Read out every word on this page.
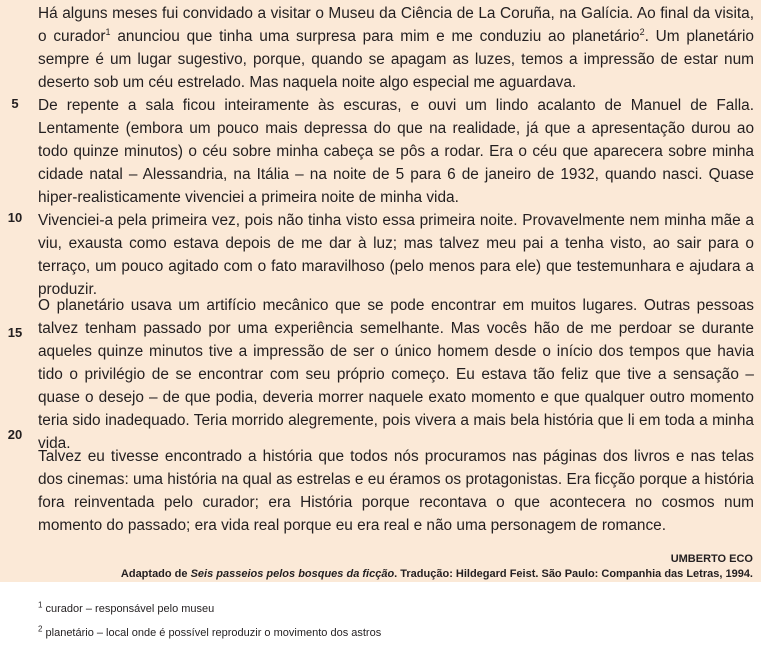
5
10
15
20

Há alguns meses fui convidado a visitar o Museu da Ciência de La Coruña, na Galícia. Ao final da visita, o curador$^1$ anunciou que tinha uma surpresa para mim e me conduziu ao planetário$^2$. Um planetário sempre é um lugar sugestivo, porque, quando se apagam as luzes, temos a impressão de estar num deserto sob um céu estrelado. Mas naquela noite algo especial me aguardava.

De repente a sala ficou inteiramente às escuras, e ouvi um lindo acalanto de Manuel de Falla. Lentamente (embora um pouco mais depressa do que na realidade, já que a apresentação durou ao todo quinze minutos) o céu sobre minha cabeça se pôs a rodar. Era o céu que aparecera sobre minha cidade natal – Alessandria, na Itália – na noite de 5 para 6 de janeiro de 1932, quando nasci. Quase hiper-realisticamente vivenciei a primeira noite de minha vida.

Vivenciei-a pela primeira vez, pois não tinha visto essa primeira noite. Provavelmente nem minha mãe a viu, exausta como estava depois de me dar à luz; mas talvez meu pai a tenha visto, ao sair para o terraço, um pouco agitado com o fato maravilhoso (pelo menos para ele) que testemunhara e ajudara a produzir.

O planetário usava um artifício mecânico que se pode encontrar em muitos lugares. Outras pessoas talvez tenham passado por uma experiência semelhante. Mas vocês hão de me perdoar se durante aqueles quinze minutos tive a impressão de ser o único homem desde o início dos tempos que havia tido o privilégio de se encontrar com seu próprio começo. Eu estava tão feliz que tive a sensação – quase o desejo – de que podia, deveria morrer naquele exato momento e que qualquer outro momento teria sido inadequado. Teria morrido alegremente, pois vivera a mais bela história que li em toda a minha vida.

Talvez eu tivesse encontrado a história que todos nós procuramos nas páginas dos livros e nas telas dos cinemas: uma história na qual as estrelas e eu éramos os protagonistas. Era ficção porque a história fora reinventada pelo curador; era História porque recontava o que acontecera no cosmos num momento do passado; era vida real porque eu era real e não uma personagem de romance.

UMBERTO ECO
Adaptado de Seis passeios pelos bosques da ficção. Tradução: Hildegard Feist. São Paulo: Companhia das Letras, 1994.
$^1$ curador – responsável pelo museu
$^2$ planetário – local onde é possível reproduzir o movimento dos astros
